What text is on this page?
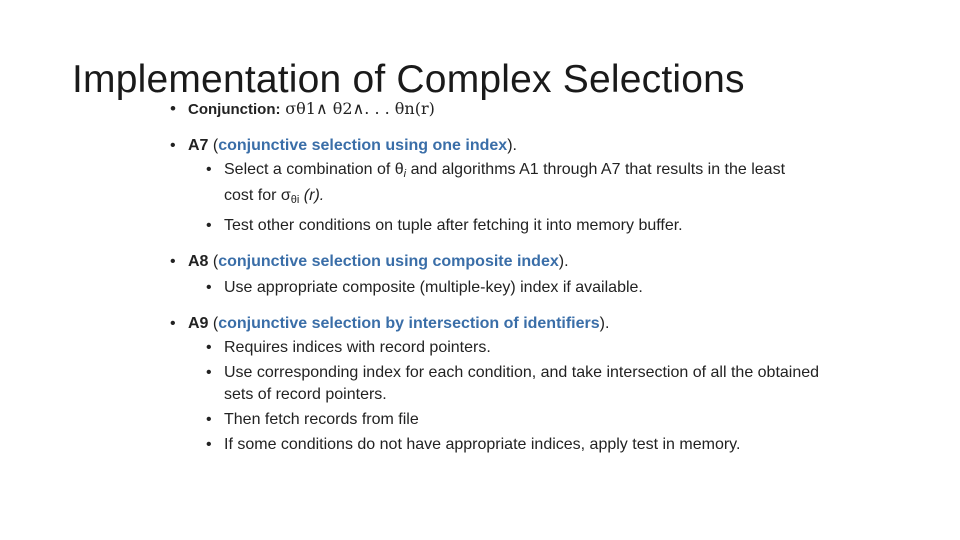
Implementation of Complex Selections
• Conjunction: σθ1∧ θ2∧. . . θn(r)
• A7 (conjunctive selection using one index).
• Select a combination of $\theta_i$ and algorithms A1 through A7 that results in the least cost for $\sigma_{\theta i}$ (r).
• Test other conditions on tuple after fetching it into memory buffer.
• A8 (conjunctive selection using composite index).
• Use appropriate composite (multiple-key) index if available.
• A9 (conjunctive selection by intersection of identifiers).
• Requires indices with record pointers.
• Use corresponding index for each condition, and take intersection of all the obtained sets of record pointers.
• Then fetch records from file
• If some conditions do not have appropriate indices, apply test in memory.
